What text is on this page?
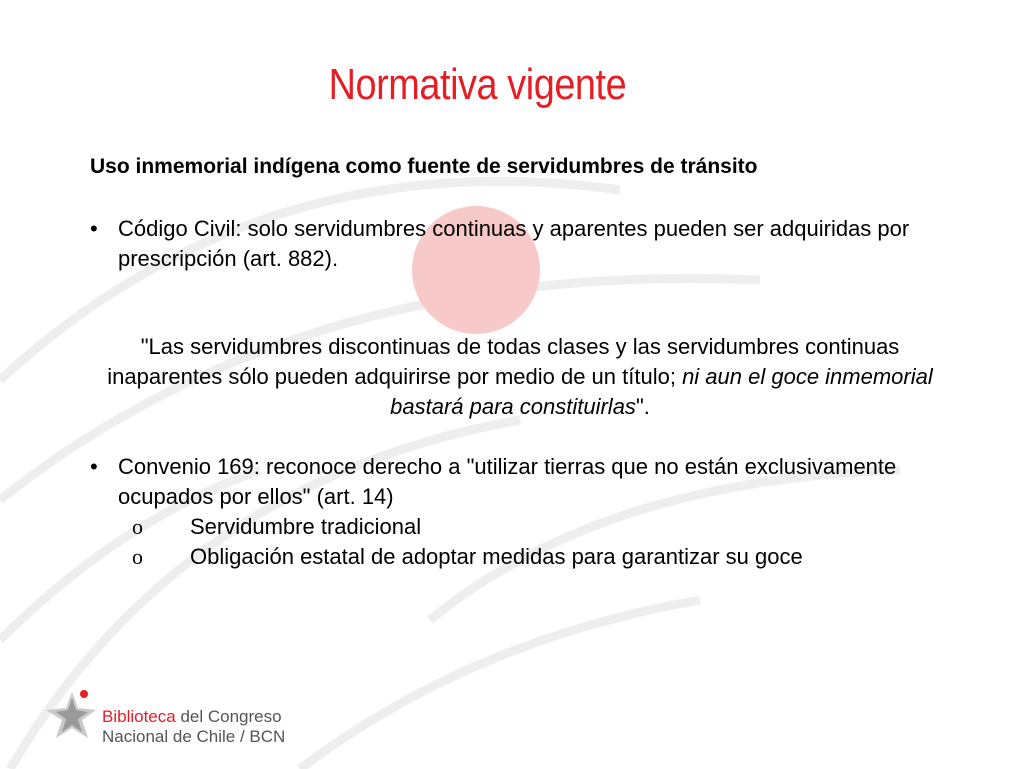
Normativa vigente
Uso inmemorial indígena como fuente de servidumbres de tránsito
• Código Civil: solo servidumbres continuas y aparentes pueden ser adquiridas por prescripción (art. 882).
"Las servidumbres discontinuas de todas clases y las servidumbres continuas inaparentes sólo pueden adquirirse por medio de un título; ni aun el goce inmemorial bastará para constituirlas".
• Convenio 169: reconoce derecho a "utilizar tierras que no están exclusivamente ocupados por ellos" (art. 14)
o Servidumbre tradicional
o Obligación estatal de adoptar medidas para garantizar su goce
Biblioteca del Congreso
Nacional de Chile / BCN
